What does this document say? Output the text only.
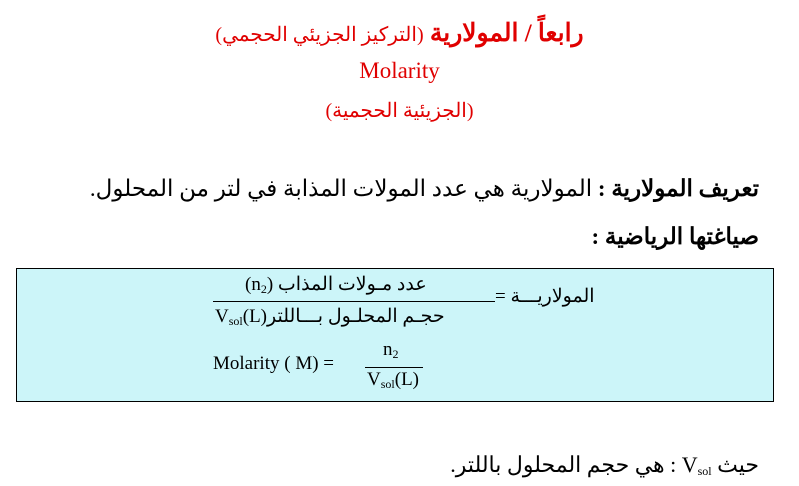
رابعاً / المولارية (التركيز الجزيئي الحجمي)
Molarity
(الجزيئية الحجمية)
تعريف المولارية : المولارية هي عدد المولات المذابة في لتر من المحلول.
صياغتها الرياضية :
المولاريـــة =
$(n_2)$ عدد مـولات المذاب
$V_{sol}(L)حجـم$ المحلـول بـــاللتر
Molarity ( M) =
$n_2$
$V_{sol}(L)$
حيث $V_{sol}$ : هي حجم المحلول باللتر.
